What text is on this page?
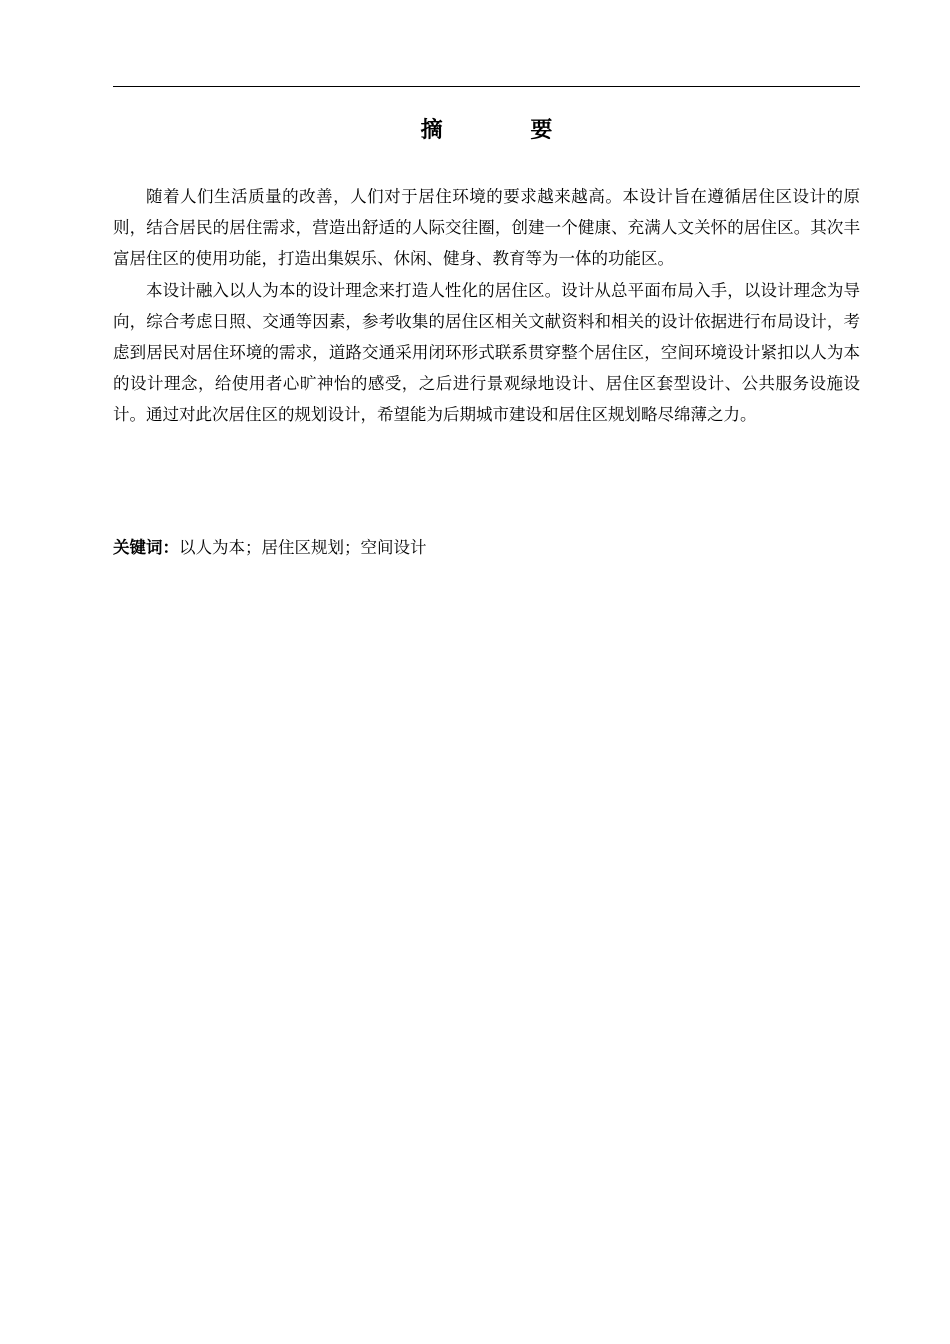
摘 要

随着人们生活质量的改善，人们对于居住环境的要求越来越高。本设计旨在遵循居住区设计的原则，结合居民的居住需求，营造出舒适的人际交往圈，创建一个健康、充满人文关怀的居住区。其次丰富居住区的使用功能，打造出集娱乐、休闲、健身、教育等为一体的功能区。

本设计融入以人为本的设计理念来打造人性化的居住区。设计从总平面布局入手，以设计理念为导向，综合考虑日照、交通等因素，参考收集的居住区相关文献资料和相关的设计依据进行布局设计，考虑到居民对居住环境的需求，道路交通采用闭环形式联系贯穿整个居住区，空间环境设计紧扣以人为本的设计理念，给使用者心旷神怡的感受，之后进行景观绿地设计、居住区套型设计、公共服务设施设计。通过对此次居住区的规划设计，希望能为后期城市建设和居住区规划略尽绵薄之力。

关键词：以人为本；居住区规划；空间设计
